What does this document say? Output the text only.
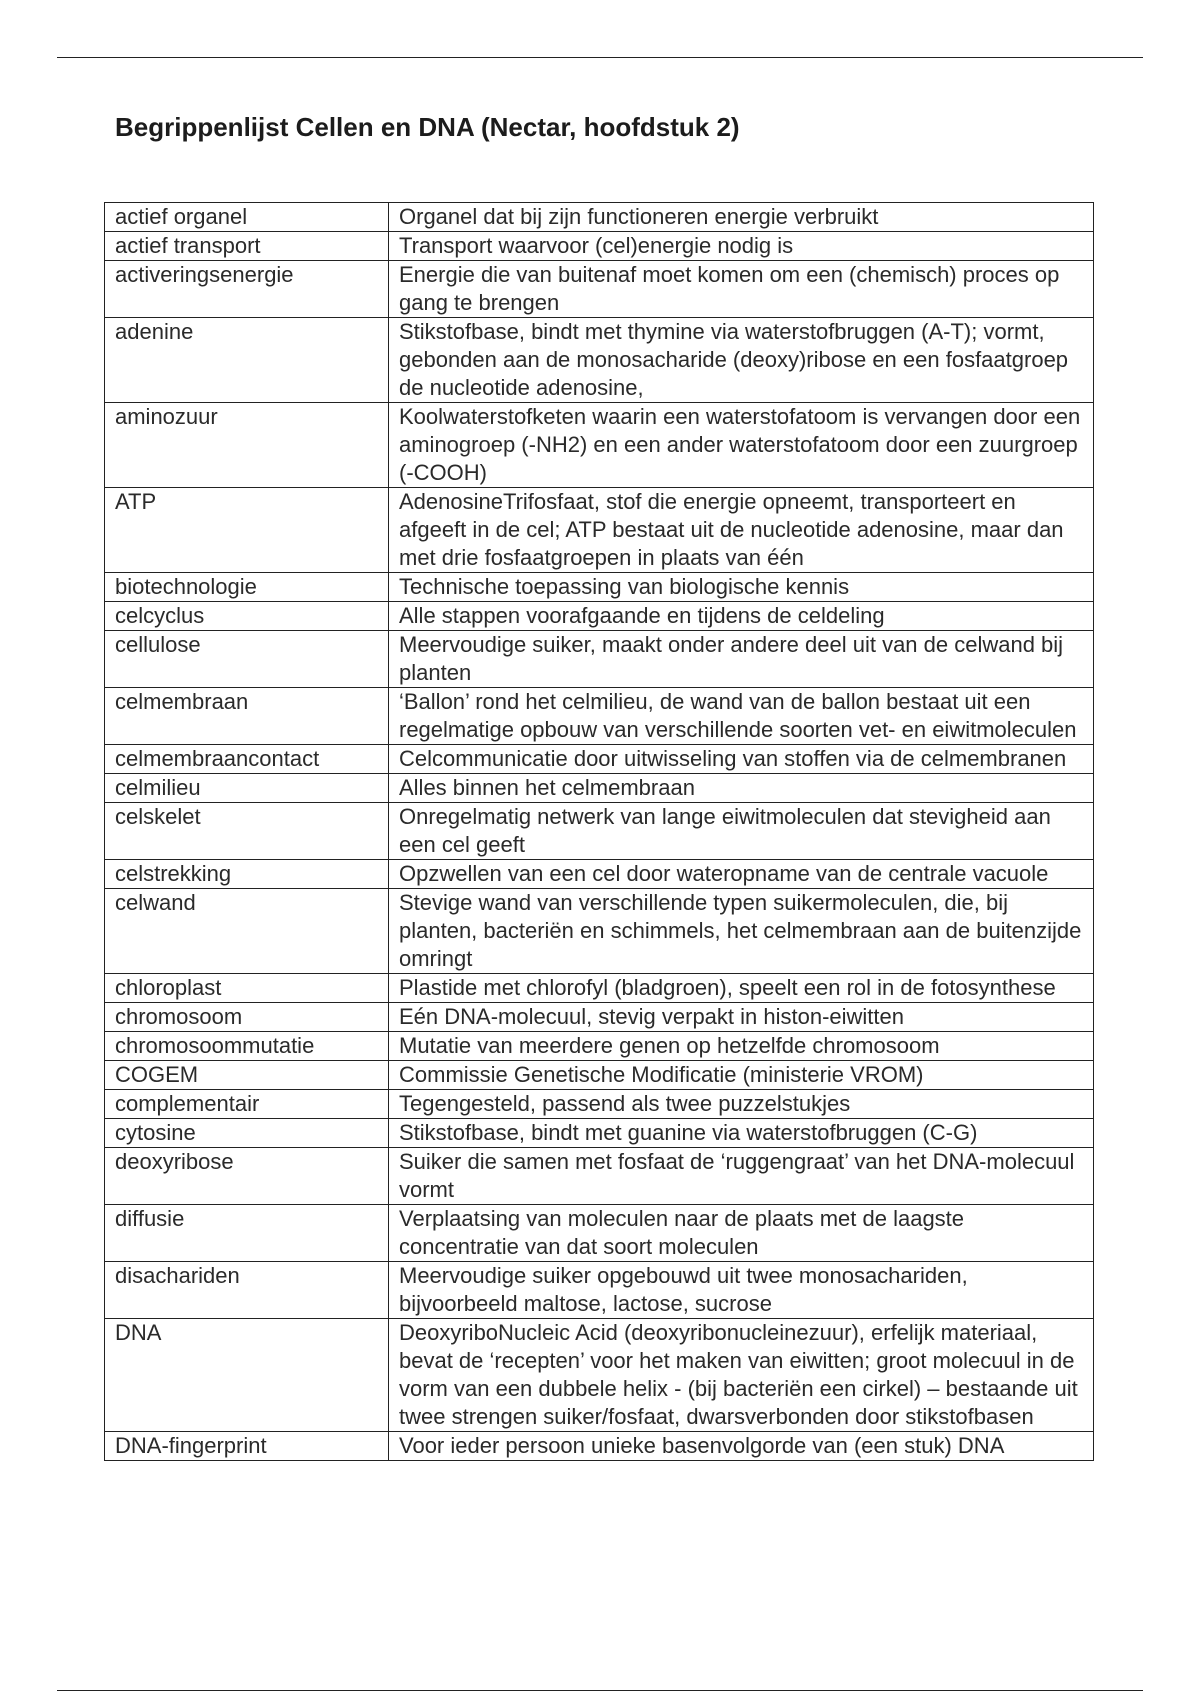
Begrippenlijst Cellen en DNA (Nectar, hoofdstuk 2)
actief organel	Organel dat bij zijn functioneren energie verbruikt
actief transport	Transport waarvoor (cel)energie nodig is
activeringsenergie	Energie die van buitenaf moet komen om een (chemisch) proces op gang te brengen
adenine	Stikstofbase, bindt met thymine via waterstofbruggen (A-T); vormt, gebonden aan de monosacharide (deoxy)ribose en een fosfaatgroep de nucleotide adenosine,
aminozuur	Koolwaterstofketen waarin een waterstofatoom is vervangen door een aminogroep (-NH2) en een ander waterstofatoom door een zuurgroep (-COOH)
ATP	AdenosineTrifosfaat, stof die energie opneemt, transporteert en afgeeft in de cel; ATP bestaat uit de nucleotide adenosine, maar dan met drie fosfaatgroepen in plaats van één
biotechnologie	Technische toepassing van biologische kennis
celcyclus	Alle stappen voorafgaande en tijdens de celdeling
cellulose	Meervoudige suiker, maakt onder andere deel uit van de celwand bij planten
celmembraan	‘Ballon’ rond het celmilieu, de wand van de ballon bestaat uit een regelmatige opbouw van verschillende soorten vet- en eiwitmoleculen
celmembraancontact	Celcommunicatie door uitwisseling van stoffen via de celmembranen
celmilieu	Alles binnen het celmembraan
celskelet	Onregelmatig netwerk van lange eiwitmoleculen dat stevigheid aan een cel geeft
celstrekking	Opzwellen van een cel door wateropname van de centrale vacuole
celwand	Stevige wand van verschillende typen suikermoleculen, die, bij planten, bacteriën en schimmels, het celmembraan aan de buitenzijde omringt
chloroplast	Plastide met chlorofyl (bladgroen), speelt een rol in de fotosynthese
chromosoom	Eén DNA-molecuul, stevig verpakt in histon-eiwitten
chromosoommutatie	Mutatie van meerdere genen op hetzelfde chromosoom
COGEM	Commissie Genetische Modificatie (ministerie VROM)
complementair	Tegengesteld, passend als twee puzzelstukjes
cytosine	Stikstofbase, bindt met guanine via waterstofbruggen (C-G)
deoxyribose	Suiker die samen met fosfaat de ‘ruggengraat’ van het DNA-molecuul vormt
diffusie	Verplaatsing van moleculen naar de plaats met de laagste concentratie van dat soort moleculen
disachariden	Meervoudige suiker opgebouwd uit twee monosachariden, bijvoorbeeld maltose, lactose, sucrose
DNA	DeoxyriboNucleic Acid (deoxyribonucleinezuur), erfelijk materiaal, bevat de ‘recepten’ voor het maken van eiwitten; groot molecuul in de vorm van een dubbele helix - (bij bacteriën een cirkel) – bestaande uit twee strengen suiker/fosfaat, dwarsverbonden door stikstofbasen
DNA-fingerprint	Voor ieder persoon unieke basenvolgorde van (een stuk) DNA
